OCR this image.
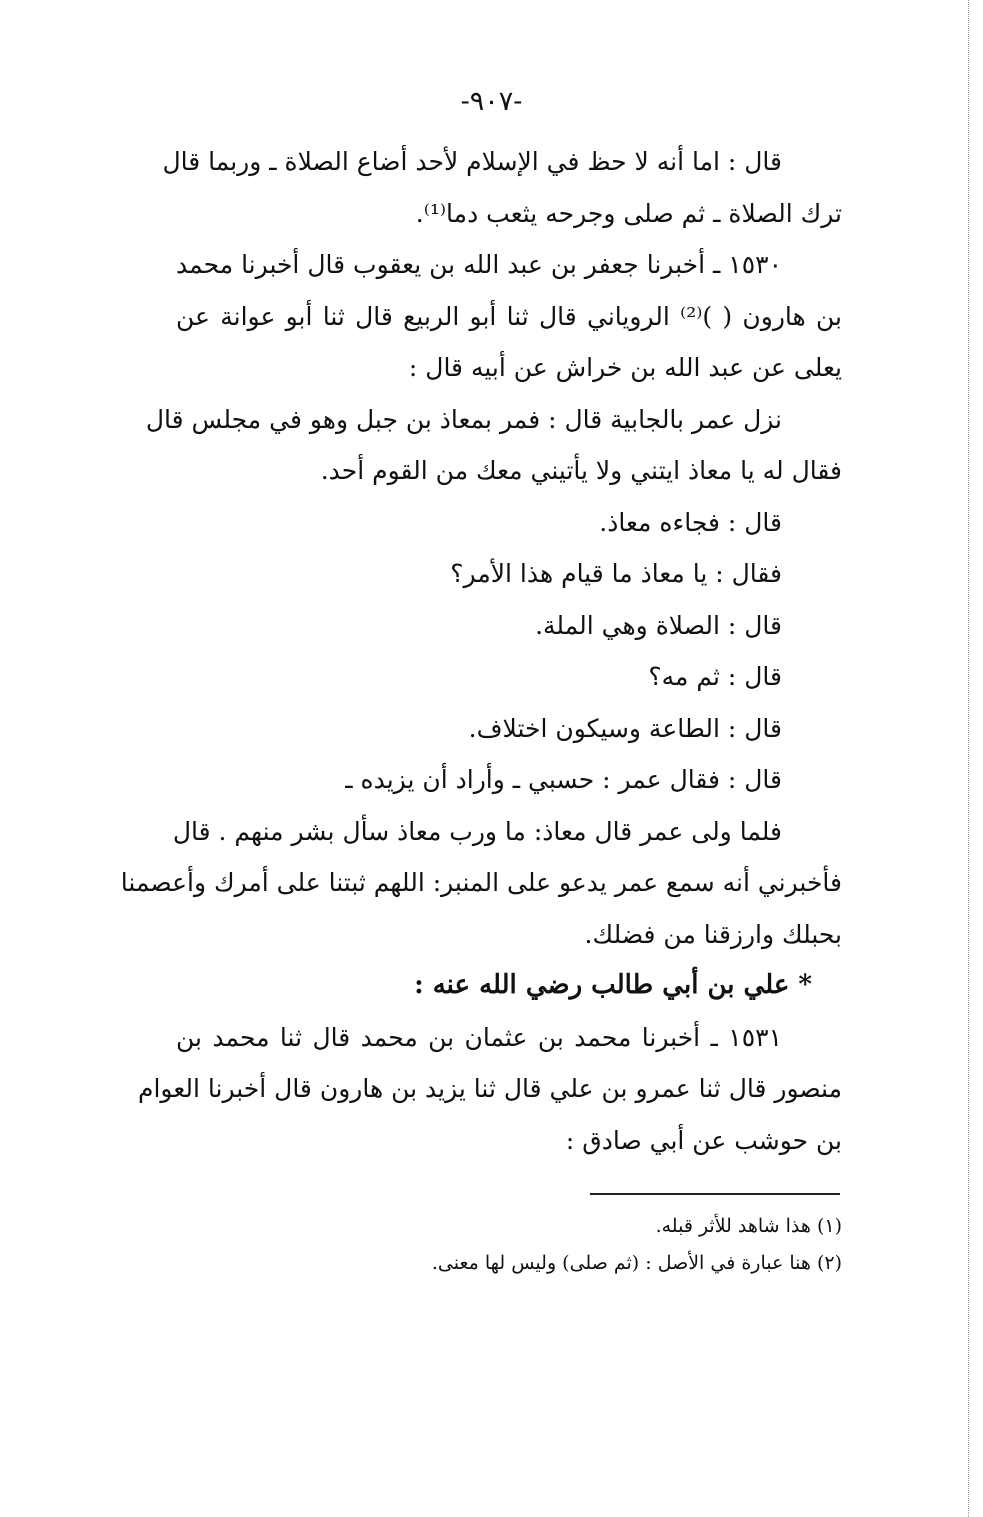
-٩٠٧-
قال : اما أنه لا حظ في الإسلام لأحد أضاع الصلاة ـ وربما قال
ترك الصلاة ـ ثم صلى وجرحه يثعب دما⁽¹⁾.
١٥٣٠ ـ أخبرنا جعفر بن عبد الله بن يعقوب قال أخبرنا محمد
بن هارون ( )⁽²⁾ الروياني قال ثنا أبو الربيع قال ثنا أبو عوانة عن
يعلى عن عبد الله بن خراش عن أبيه قال :
نزل عمر بالجابية قال : فمر بمعاذ بن جبل وهو في مجلس قال
فقال له يا معاذ ايتني ولا يأتيني معك من القوم أحد.
قال : فجاءه معاذ.
فقال : يا معاذ ما قيام هذا الأمر؟
قال : الصلاة وهي الملة.
قال : ثم مه؟
قال : الطاعة وسيكون اختلاف.
قال : فقال عمر : حسبي ـ وأراد أن يزيده ـ
فلما ولى عمر قال معاذ: ما ورب معاذ سأل بشر منهم . قال
فأخبرني أنه سمع عمر يدعو على المنبر: اللهم ثبتنا على أمرك وأعصمنا
بحبلك وارزقنا من فضلك.
* علي بن أبي طالب رضي الله عنه :
١٥٣١ ـ أخبرنا محمد بن عثمان بن محمد قال ثنا محمد بن
منصور قال ثنا عمرو بن علي قال ثنا يزيد بن هارون قال أخبرنا العوام
بن حوشب عن أبي صادق :
(١) هذا شاهد للأثر قبله.
(٢) هنا عبارة في الأصل : (ثم صلى) وليس لها معنى.
